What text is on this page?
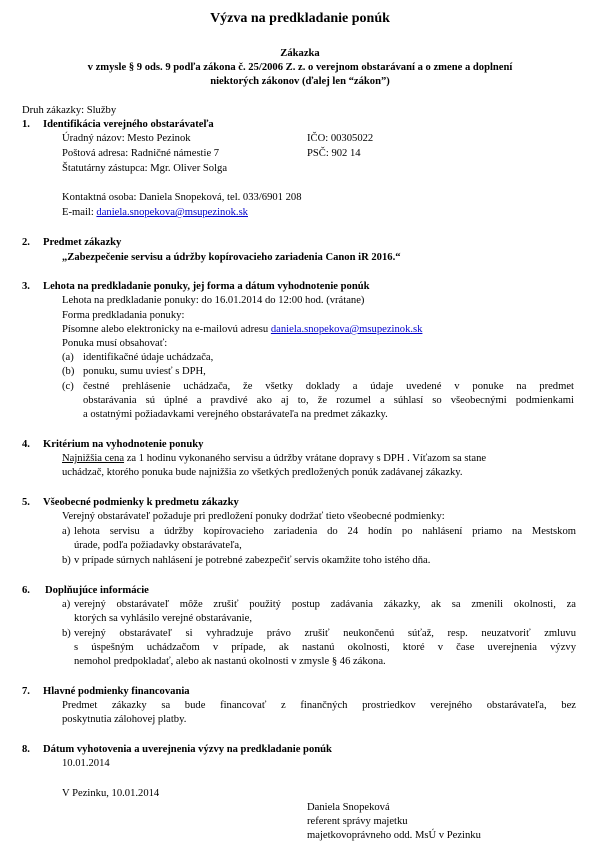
Výzva na predkladanie ponúk
Zákazka
v zmysle § 9 ods. 9 podľa zákona č. 25/2006 Z. z. o verejnom obstarávaní a o zmene a doplnení
niektorých zákonov (ďalej len “zákon”)
Druh zákazky: Služby
1. Identifikácia verejného obstarávateľa
Úradný názov: Mesto Pezinok	IČO: 00305022
Poštová adresa: Radničné námestie 7	PSČ: 902 14
Štatutárny zástupca: Mgr. Oliver Solga
Kontaktná osoba: Daniela Snopeková, tel. 033/6901 208
E-mail: daniela.snopekova@msupezinok.sk
2. Predmet zákazky
„Zabezpečenie servisu a údržby kopírovacieho zariadenia Canon iR 2016.“
3. Lehota na predkladanie ponuky, jej forma a dátum vyhodnotenie ponúk
Lehota na predkladanie ponuky: do 16.01.2014 do 12:00 hod. (vrátane)
Forma predkladania ponuky:
Písomne alebo elektronicky na e-mailovú adresu daniela.snopekova@msupezinok.sk
Ponuka musí obsahovať:
(a) identifikačné údaje uchádzača,
(b) ponuku, sumu uviesť s DPH,
(c) čestné prehlásenie uchádzača, že všetky doklady a údaje uvedené v ponuke na predmet
obstarávania sú úplné a pravdivé ako aj to, že rozumel a súhlasí so všeobecnými podmienkami
a ostatnými požiadavkami verejného obstarávateľa na predmet zákazky.
4. Kritérium na vyhodnotenie ponuky
Najnižšia cena za 1 hodinu vykonaného servisu a údržby vrátane dopravy s DPH . Víťazom sa stane
uchádzač, ktorého ponuka bude najnižšia zo všetkých predložených ponúk zadávanej zákazky.
5. Všeobecné podmienky k predmetu zákazky
Verejný obstarávateľ požaduje pri predložení ponuky dodržať tieto všeobecné podmienky:
a) lehota servisu a údržby kopírovacieho zariadenia do 24 hodín po nahlásení priamo na Mestskom
úrade, podľa požiadavky obstarávateľa,
b) v prípade súrnych nahlásení je potrebné zabezpečiť servis okamžite toho istého dňa.
6. Doplňujúce informácie
a) verejný obstarávateľ môže zrušiť použitý postup zadávania zákazky, ak sa zmenili okolnosti, za
ktorých sa vyhlásilo verejné obstarávanie,
b) verejný obstarávateľ si vyhradzuje právo zrušiť neukončenú súťaž, resp. neuzatvoriť zmluvu
s úspešným uchádzačom v prípade, ak nastanú okolnosti, ktoré v čase uverejnenia výzvy
nemohol predpokladať, alebo ak nastanú okolnosti v zmysle § 46 zákona.
7. Hlavné podmienky financovania
Predmet zákazky sa bude financovať z finančných prostriedkov verejného obstarávateľa, bez
poskytnutia zálohovej platby.
8. Dátum vyhotovenia a uverejnenia výzvy na predkladanie ponúk
10.01.2014
V Pezinku, 10.01.2014
Daniela Snopeková
referent správy majetku
majetkovoprávneho odd. MsÚ v Pezinku
